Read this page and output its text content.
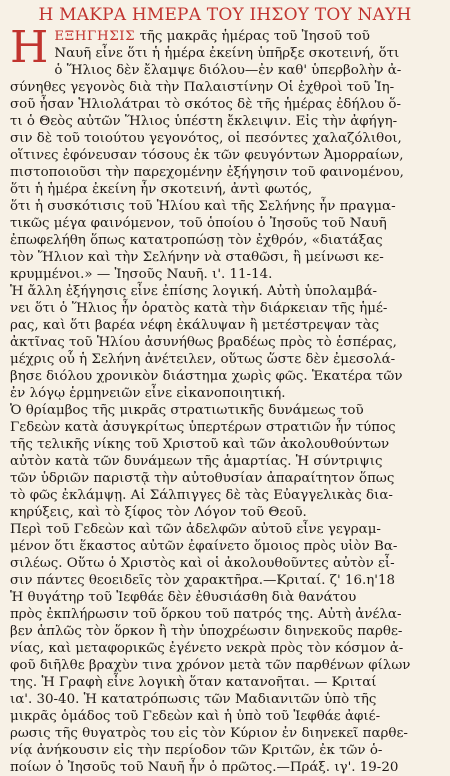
Η ΜΑΚΡΑ ΗΜΕΡΑ ΤΟΥ ΙΗΣΟΥ ΤΟΥ ΝΑΥΗ
Η ΕΞΗΓΗΣΙΣ τῆς μακρᾶς ἡμέρας τοῦ Ἰησοῦ τοῦ
Ναυῆ εἶνε ὅτι ἡ ἡμέρα ἐκείνη ὑπῆρξε σκοτεινή, ὅτι
ὁ Ἥλιος δὲν ἔλαμψε διόλου—ἐν καθ' ὑπερβολὴν ἀ-
σύνηθες γεγονὸς διὰ τὴν Παλαιστίνην Οἱ ἐχθροὶ τοῦ Ἰη-
σοῦ ἦσαν Ἡλιολάτραι τὸ σκότος δὲ τῆς ἡμέρας ἐδήλου ὅ-
τι ὁ Θεὸς αὐτῶν Ἥλιος ὑπέστη ἔκλειψιν. Εἰς τὴν ἀφήγη-
σιν δὲ τοῦ τοιούτου γεγονότος, οἱ πεσόντες χαλαζόλιθοι,
οἵτινες ἐφόνευσαν τόσους ἐκ τῶν φευγόντων Ἀμορραίων,
πιστοποιοῦσι τὴν παρεχομένην ἐξήγησιν τοῦ φαινομένου,
ὅτι ἡ ἡμέρα ἐκείνη ἦν σκοτεινή, ἀντὶ φωτός,
ὅτι ἡ συσκότισις τοῦ Ἡλίου καὶ τῆς Σελήνης ἦν πραγμα-
τικῶς μέγα φαινόμενον, τοῦ ὁποίου ὁ Ἰησοῦς τοῦ Ναυῆ
ἐπωφελήθη ὅπως κατατροπώσῃ τὸν ἐχθρόν, «διατάξας
τὸν Ἥλιον καὶ τὴν Σελήνην νὰ σταθῶσι, ἢ μείνωσι κε-
κρυμμένοι.» — Ἰησοῦς Ναυῆ. ι'. 11-14.
Ἡ ἄλλη ἐξήγησις εἶνε ἐπίσης λογική. Αὐτὴ ὑπολαμβά-
νει ὅτι ὁ Ἥλιος ἦν ὁρατὸς κατὰ τὴν διάρκειαν τῆς ἡμέ-
ρας, καὶ ὅτι βαρέα νέφη ἐκάλυψαν ἢ μετέστρεψαν τὰς
ἀκτῖνας τοῦ Ἡλίου ἀσυνήθως βραδέως πρὸς τὸ ἑσπέρας,
μέχρις οὗ ἡ Σελήνη ἀνέτειλεν, οὕτως ὥστε δὲν ἐμεσολά-
βησε διόλου χρονικὸν διάστημα χωρὶς φῶς. Ἑκατέρα τῶν
ἐν λόγῳ ἑρμηνειῶν εἶνε εἰκανοποιητική.
Ὁ θρίαμβος τῆς μικρᾶς στρατιωτικῆς δυνάμεως τοῦ
Γεδεὼν κατὰ ἀσυγκρίτως ὑπερτέρων στρατιῶν ἦν τύπος
τῆς τελικῆς νίκης τοῦ Χριστοῦ καὶ τῶν ἀκολουθούντων
αὐτὸν κατὰ τῶν δυνάμεων τῆς ἁμαρτίας. Ἡ σύντριψις
τῶν ὑδριῶν παριστᾷ τὴν αὐτοθυσίαν ἀπαραίτητον ὅπως
τὸ φῶς ἐκλάμψῃ. Αἱ Σάλπιγγες δὲ τὰς Εὐαγγελικὰς δια-
κηρύξεις, καὶ τὸ ξίφος τὸν Λόγον τοῦ Θεοῦ.
Περὶ τοῦ Γεδεὼν καὶ τῶν ἀδελφῶν αὐτοῦ εἶνε γεγραμ-
μένον ὅτι ἕκαστος αὐτῶν ἐφαίνετο ὅμοιος πρὸς υἱὸν Βα-
σιλέως. Οὕτω ὁ Χριστὸς καὶ οἱ ἀκολουθοῦντες αὐτὸν εἶ-
σιν πάντες θεοειδεῖς τὸν χαρακτῆρα.—Κριταί. ζ' 16.η'18
Ἡ θυγάτηρ τοῦ Ἰεφθάε δὲν ἐθυσιάσθη διὰ θανάτου
πρὸς ἐκπλήρωσιν τοῦ ὅρκου τοῦ πατρός της. Αὐτὴ ἀνέλα-
βεν ἁπλῶς τὸν ὅρκον ἢ τὴν ὑποχρέωσιν διηνεκοῦς παρθε-
νίας, καὶ μεταφορικῶς ἐγένετο νεκρὰ πρὸς τὸν κόσμον ἀ-
φοῦ διῆλθε βραχὺν τινα χρόνον μετὰ τῶν παρθένων φίλων
της. Ἡ Γραφὴ εἶνε λογικὴ ὅταν κατανοῆται. — Κριταί
ια'. 30-40. Ἡ κατατρόπωσις τῶν Μαδιανιτῶν ὑπὸ τῆς
μικρᾶς ὁμάδος τοῦ Γεδεὼν καὶ ἡ ὑπὸ τοῦ Ἰεφθάε ἀφιέ-
ρωσις τῆς θυγατρὸς του εἰς τὸν Κύριον ἐν διηνεκεῖ παρθε-
νίᾳ ἀνήκουσιν εἰς τὴν περίοδον τῶν Κριτῶν, ἐκ τῶν ὁ-
ποίων ὁ Ἰησοῦς τοῦ Ναυῆ ἦν ὁ πρῶτος.—Πράξ. ιγ'. 19-20
